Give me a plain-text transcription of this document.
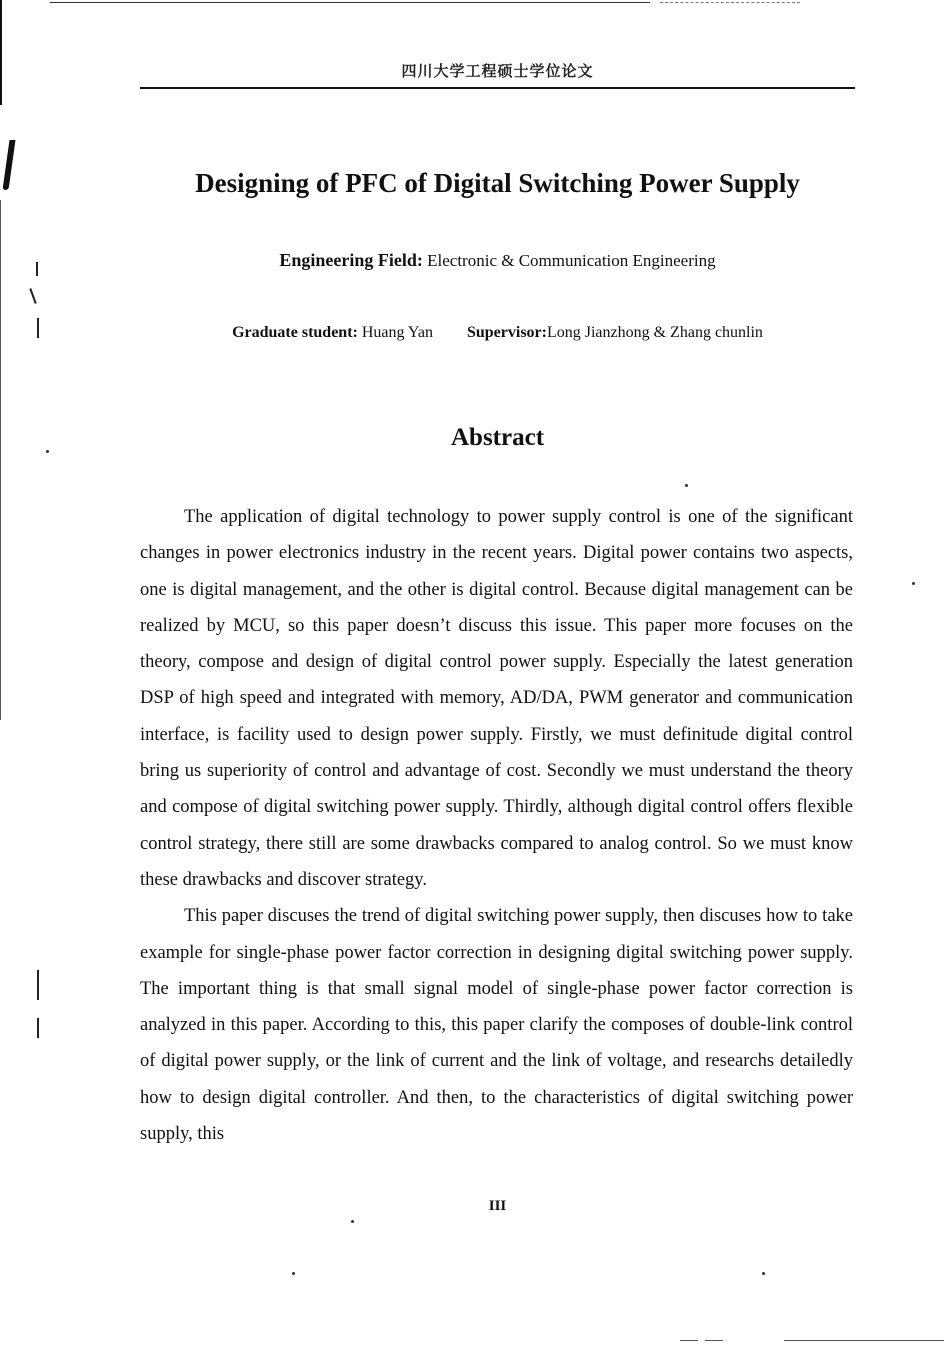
四川大学工程硕士学位论文
Designing of PFC of Digital Switching Power Supply
Engineering Field: Electronic & Communication Engineering
Graduate student: Huang Yan Supervisor:Long Jianzhong & Zhang chunlin
Abstract

The application of digital technology to power supply control is one of the significant changes in power electronics industry in the recent years. Digital power contains two aspects, one is digital management, and the other is digital control. Because digital management can be realized by MCU, so this paper doesn’t discuss this issue. This paper more focuses on the theory, compose and design of digital control power supply. Especially the latest generation DSP of high speed and integrated with memory, AD/DA, PWM generator and communication interface, is facility used to design power supply. Firstly, we must definitude digital control bring us superiority of control and advantage of cost. Secondly we must understand the theory and compose of digital switching power supply. Thirdly, although digital control offers flexible control strategy, there still are some drawbacks compared to analog control. So we must know these drawbacks and discover strategy.

This paper discuses the trend of digital switching power supply, then discuses how to take example for single-phase power factor correction in designing digital switching power supply. The important thing is that small signal model of single-phase power factor correction is analyzed in this paper. According to this, this paper clarify the composes of double-link control of digital power supply, or the link of current and the link of voltage, and researchs detailedly how to design digital controller. And then, to the characteristics of digital switching power supply, this

III
